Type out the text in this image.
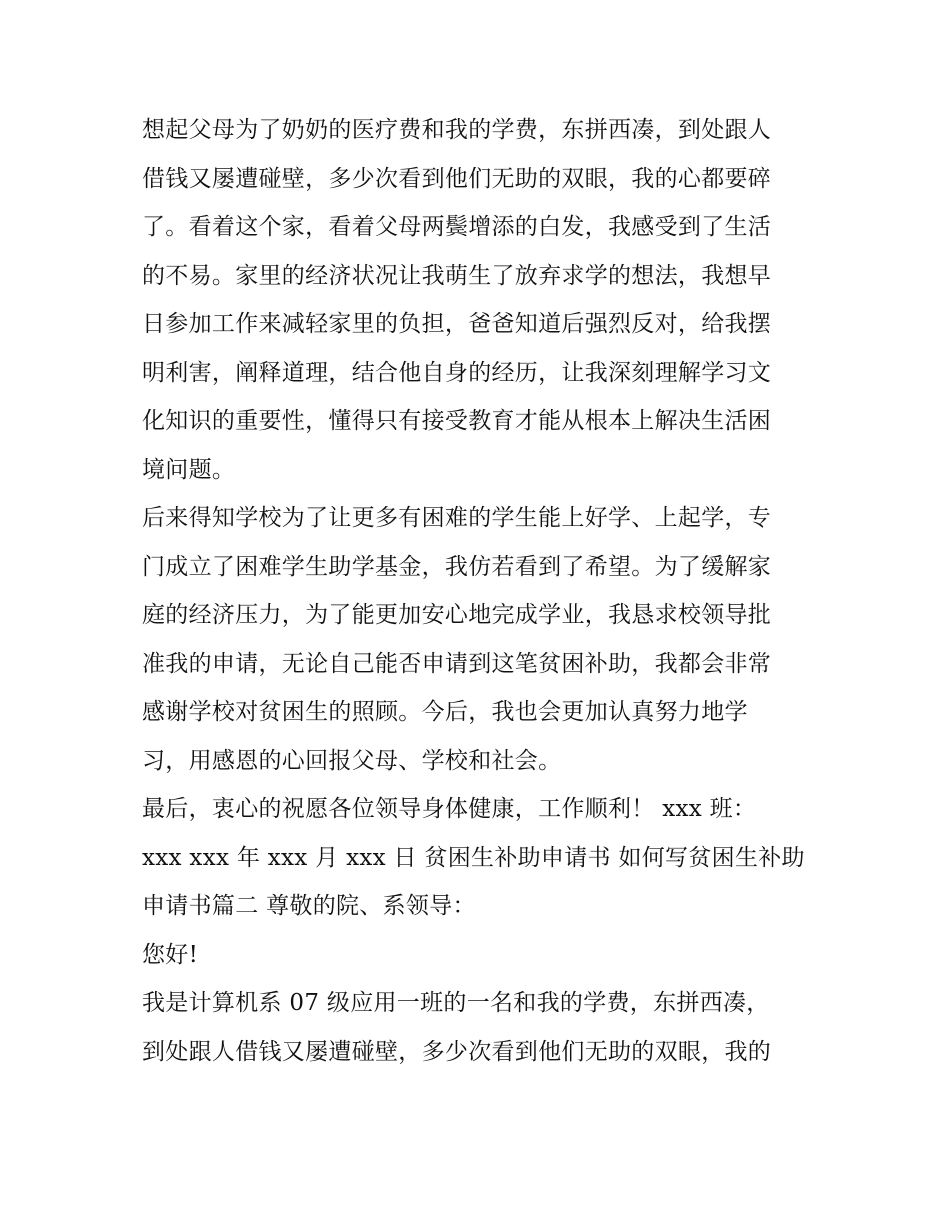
想起父母为了奶奶的医疗费和我的学费，东拼西凑，到处跟人
借钱又屡遭碰壁，多少次看到他们无助的双眼，我的心都要碎
了。看着这个家，看着父母两鬓增添的白发，我感受到了生活
的不易。家里的经济状况让我萌生了放弃求学的想法，我想早
日参加工作来减轻家里的负担，爸爸知道后强烈反对，给我摆
明利害，阐释道理，结合他自身的经历，让我深刻理解学习文
化知识的重要性，懂得只有接受教育才能从根本上解决生活困
境问题。
后来得知学校为了让更多有困难的学生能上好学、上起学，专
门成立了困难学生助学基金，我仿若看到了希望。为了缓解家
庭的经济压力，为了能更加安心地完成学业，我恳求校领导批
准我的申请，无论自己能否申请到这笔贫困补助，我都会非常
感谢学校对贫困生的照顾。今后，我也会更加认真努力地学
习，用感恩的心回报父母、学校和社会。
最后，衷心的祝愿各位领导身体健康，工作顺利！ xxx 班：
xxx xxx 年 xxx 月 xxx 日 贫困生补助申请书 如何写贫困生补助
申请书篇二 尊敬的院、系领导：
您好!
我是计算机系 07 级应用一班的一名和我的学费，东拼西凑，
到处跟人借钱又屡遭碰壁，多少次看到他们无助的双眼，我的
